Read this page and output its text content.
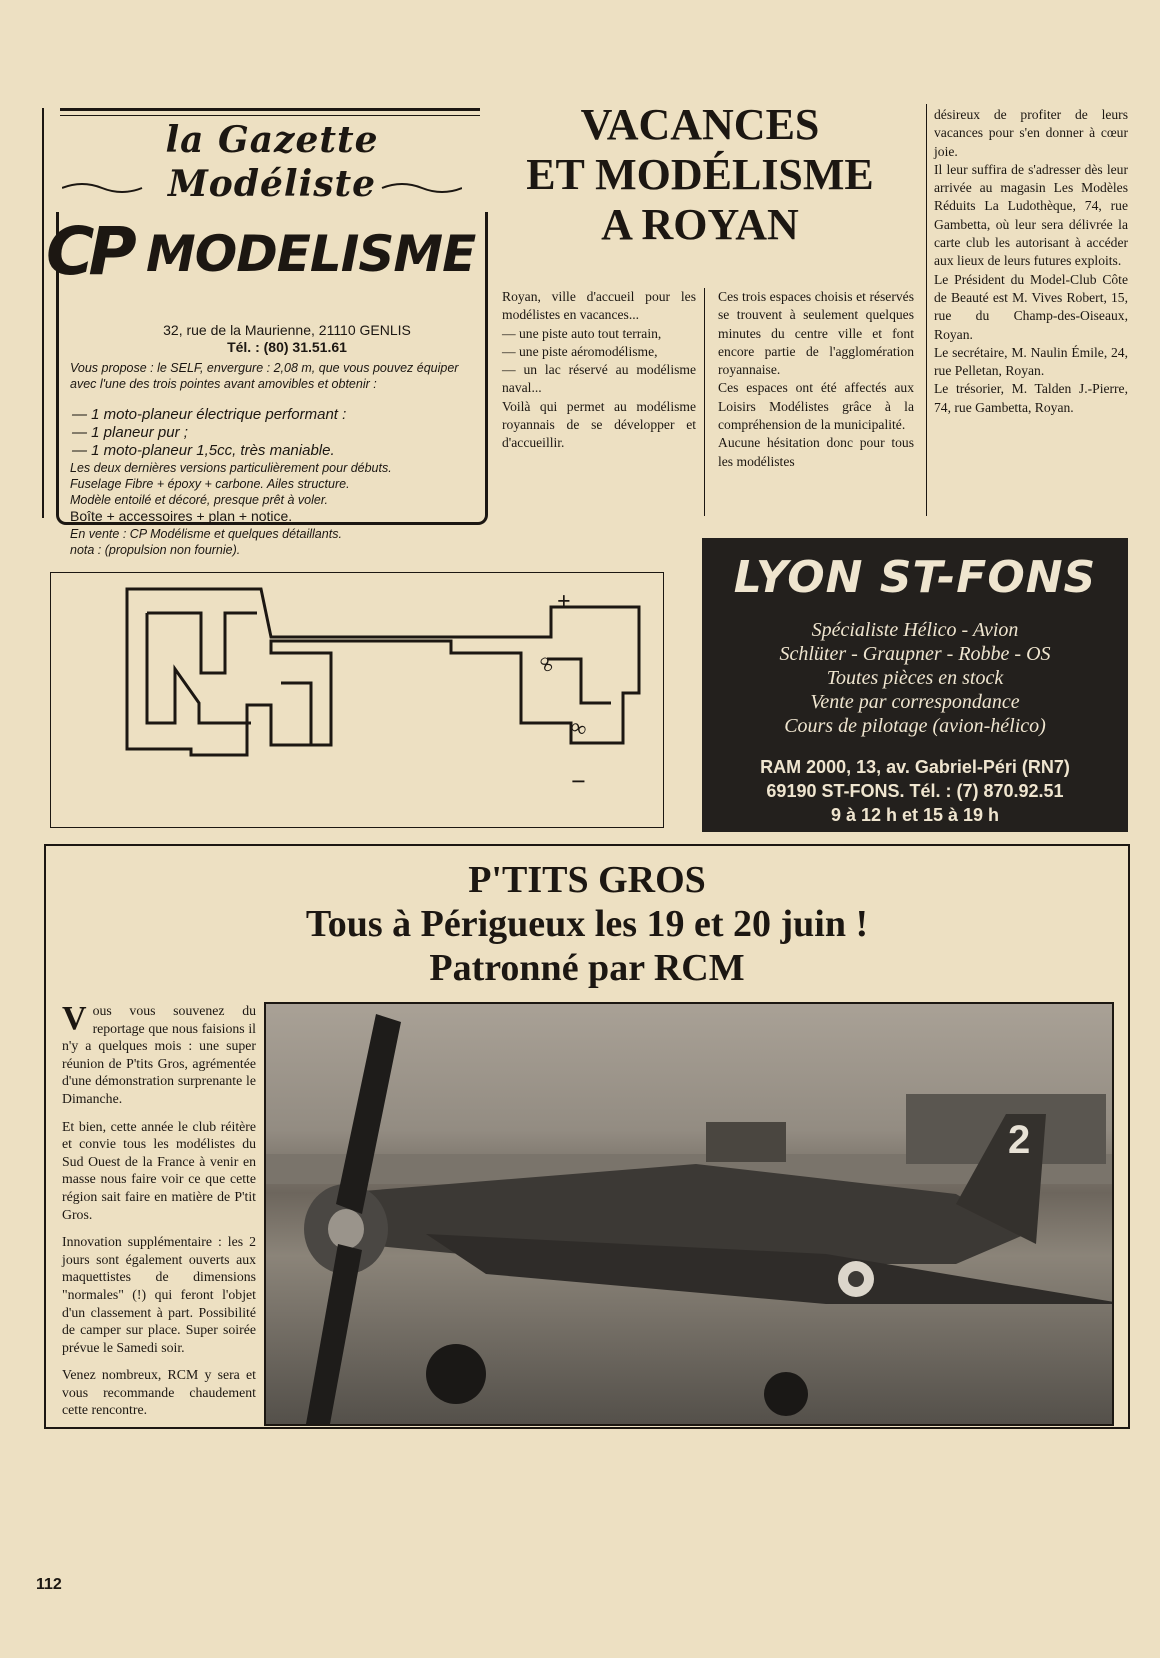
la Gazette
Modéliste
CP MODELISME
32, rue de la Maurienne, 21110 GENLIS
Tél. : (80) 31.51.61
Vous propose : le SELF, envergure : 2,08 m, que vous pouvez équiper avec l'une des trois pointes avant amovibles et obtenir :
— 1 moto-planeur électrique performant :
— 1 planeur pur ;
— 1 moto-planeur 1,5cc, très maniable.
Les deux dernières versions particulièrement pour débuts.
Fuselage Fibre + époxy + carbone. Ailes structure.
Modèle entoilé et décoré, presque prêt à voler.
Boîte + accessoires + plan + notice.
En vente : CP Modélisme et quelques détaillants.
nota : (propulsion non fournie).
VACANCES
ET MODÉLISME
A ROYAN

Royan, ville d'accueil pour les modélistes en vacances...

— une piste auto tout terrain,

— une piste aéromodélisme,

— un lac réservé au modélisme naval...

Voilà qui permet au modélisme royannais de se développer et d'accueillir.

Ces trois espaces choisis et réservés se trouvent à seulement quelques minutes du centre ville et font encore partie de l'agglomération royannaise.

Ces espaces ont été affectés aux Loisirs Modélistes grâce à la compréhension de la municipalité.

Aucune hésitation donc pour tous les modélistes

désireux de profiter de leurs vacances pour s'en donner à cœur joie.

Il leur suffira de s'adresser dès leur arrivée au magasin Les Modèles Réduits La Ludothèque, 74, rue Gambetta, où leur sera délivrée la carte club les autorisant à accéder aux lieux de leurs futures exploits.

Le Président du Model-Club Côte de Beauté est M. Vives Robert, 15, rue du Champ-des-Oiseaux, Royan.

Le secrétaire, M. Naulin Émile, 24, rue Pelletan, Royan.

Le trésorier, M. Talden J.-Pierre, 74, rue Gambetta, Royan.

+
−
∞
∞
LYON ST-FONS
Spécialiste Hélico - Avion
Schlüter - Graupner - Robbe - OS
Toutes pièces en stock
Vente par correspondance
Cours de pilotage (avion-hélico)
RAM 2000, 13, av. Gabriel-Péri (RN7)
69190 ST-FONS. Tél. : (7) 870.92.51
9 à 12 h et 15 à 19 h
P'TITS GROS
Tous à Périgueux les 19 et 20 juin !
Patronné par RCM

Vous vous souvenez du reportage que nous faisions il n'y a quelques mois : une super réunion de P'tits Gros, agrémentée d'une démonstration surprenante le Dimanche.

Et bien, cette année le club réitère et convie tous les modélistes du Sud Ouest de la France à venir en masse nous faire voir ce que cette région sait faire en matière de P'tit Gros.

Innovation supplémentaire : les 2 jours sont également ouverts aux maquettistes de dimensions "normales" (!) qui feront l'objet d'un classement à part. Possibilité de camper sur place. Super soirée prévue le Samedi soir.

Venez nombreux, RCM y sera et vous recommande chaudement cette rencontre.

2
112
